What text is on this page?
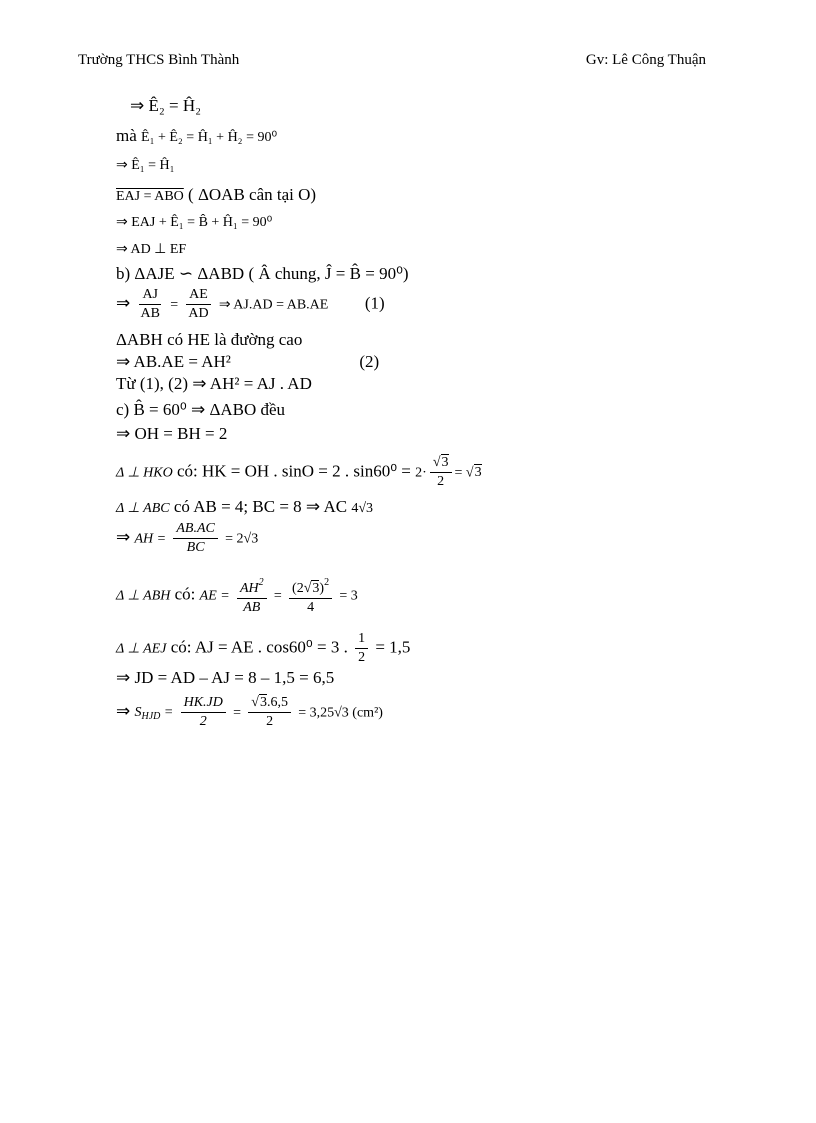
Trường THCS Bình Thành	Gv: Lê Công Thuận
⇒ Ê₂ = Ĥ₂
mà Ê₁ + Ê₂ = Ĥ₁ + Ĥ₂ = 90⁰
⇒ Ê₁ = Ĥ₁
EAJ = ABO ( ΔOAB cân tại O)
⇒ EAJ + Ê₁ = B̂ + Ĥ₁ = 90⁰
⇒ AD ⊥ EF
b) ΔAJE ∽ ΔABD ( Â chung, Ĵ = B̂ = 90⁰)
⇒ $\frac{AJ}{AB} = \frac{AE}{AD}$ ⇒ AJ.AD = AB.AE (1)
ΔABH có HE là đường cao
⇒ AB.AE = AH²	(2)
Từ (1), (2) ⇒ AH² = AJ . AD
c) B̂ = 60⁰ ⇒ ΔABO đều
⇒ OH = BH = 2
Δ ⊥ HKO có: HK = OH . sinO = 2 . $\sin 60^0 = 2\cdot \frac{√3}{2} = √3$
Δ ⊥ ABC có AB = 4; BC = 8 ⇒ AC 4√3
⇒ AH = $\frac{AB.AC}{BC} = 2√3$
Δ ⊥ ABH có: AE = $\frac{AH^2}{AB} = \frac{(2√3)^2}{4} = 3$
Δ ⊥ AEJ có: AJ = AE . cos60⁰ = 3 . $\frac{1}{2} = 1,5$
⇒ JD = AD – AJ = 8 – 1,5 = 6,5
⇒ $S_{HJD} = \frac{HK.JD}{2} = \frac{√3.6,5}{2} = 3,25√3$ (cm²)
